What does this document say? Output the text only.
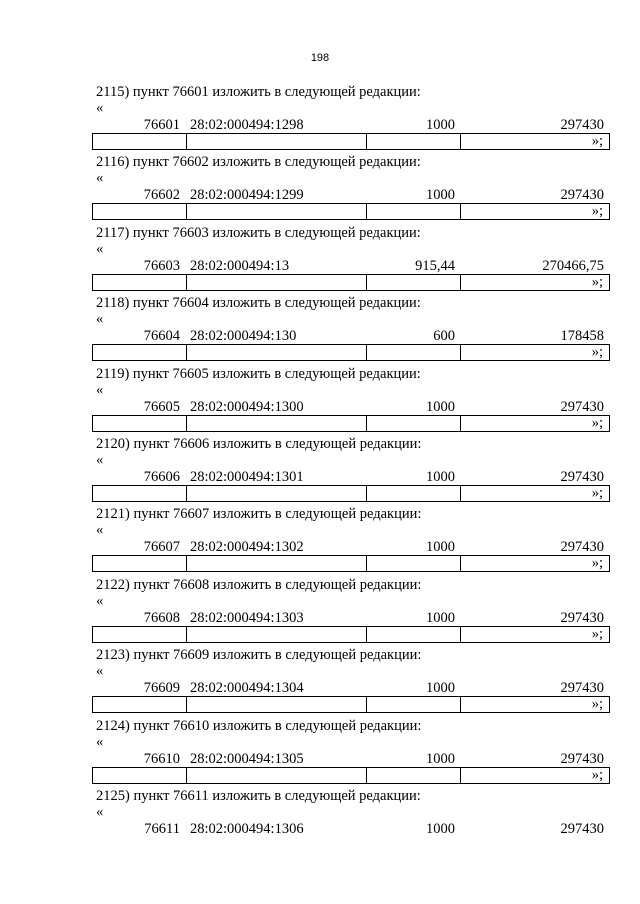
198
2115) пункт 76601 изложить в следующей редакции:
«
76601 28:02:000494:1298	1000	297430
»;
2116) пункт 76602 изложить в следующей редакции:
«
76602 28:02:000494:1299	1000	297430
»;
2117) пункт 76603 изложить в следующей редакции:
«
76603 28:02:000494:13	915,44	270466,75
»;
2118) пункт 76604 изложить в следующей редакции:
«
76604 28:02:000494:130	600	178458
»;
2119) пункт 76605 изложить в следующей редакции:
«
76605 28:02:000494:1300	1000	297430
»;
2120) пункт 76606 изложить в следующей редакции:
«
76606 28:02:000494:1301	1000	297430
»;
2121) пункт 76607 изложить в следующей редакции:
«
76607 28:02:000494:1302	1000	297430
»;
2122) пункт 76608 изложить в следующей редакции:
«
76608 28:02:000494:1303	1000	297430
»;
2123) пункт 76609 изложить в следующей редакции:
«
76609 28:02:000494:1304	1000	297430
»;
2124) пункт 76610 изложить в следующей редакции:
«
76610 28:02:000494:1305	1000	297430
»;
2125) пункт 76611 изложить в следующей редакции:
«
76611 28:02:000494:1306	1000	297430
